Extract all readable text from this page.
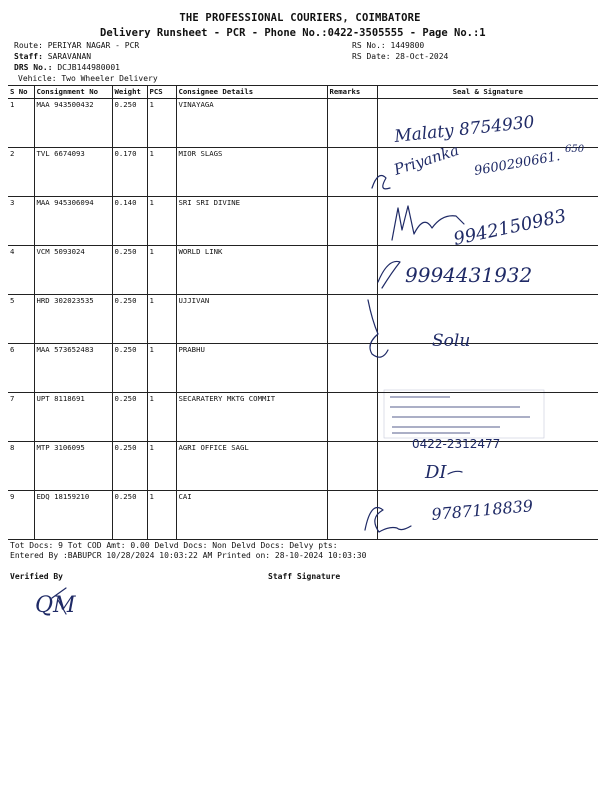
THE PROFESSIONAL COURIERS, COIMBATORE
Delivery Runsheet - PCR - Phone No.:0422-3505555 - Page No.:1
Route: PERIYAR NAGAR - PCR
Staff: SARAVANAN
DRS No.: DCJB144980001
Vehicle: Two Wheeler Delivery
RS No.: 1449800
RS Date: 28-Oct-2024
S No	Consignment No	Weight	PCS	Consignee Details	Remarks	Seal & Signature
1	MAA 943500432	0.250	1	VINAYAGA		
2	TVL 6674093	0.170	1	MIOR SLAGS		
3	MAA 945306094	0.140	1	SRI SRI DIVINE		
4	VCM 5093024	0.250	1	WORLD LINK		
5	HRD 302023535	0.250	1	UJJIVAN		
6	MAA 573652483	0.250	1	PRABHU		
7	UPT 8118691	0.250	1	SECARATERY MKTG COMMIT		
8	MTP 3106095	0.250	1	AGRI OFFICE SAGL		
9	EDQ 18159210	0.250	1	CAI		
Malaty 8754930
650
Priyanka 9600290661.
9942150983
9994431932
Solu
0422-2312477
DI
9787118839
QM
Tot Docs: 9 Tot COD Amt: 0.00 Delvd Docs: Non Delvd Docs: Delvy pts:
Entered By :BABUPCR 10/28/2024 10:03:22 AM Printed on: 28-10-2024 10:03:30
Verified By	Staff Signature
